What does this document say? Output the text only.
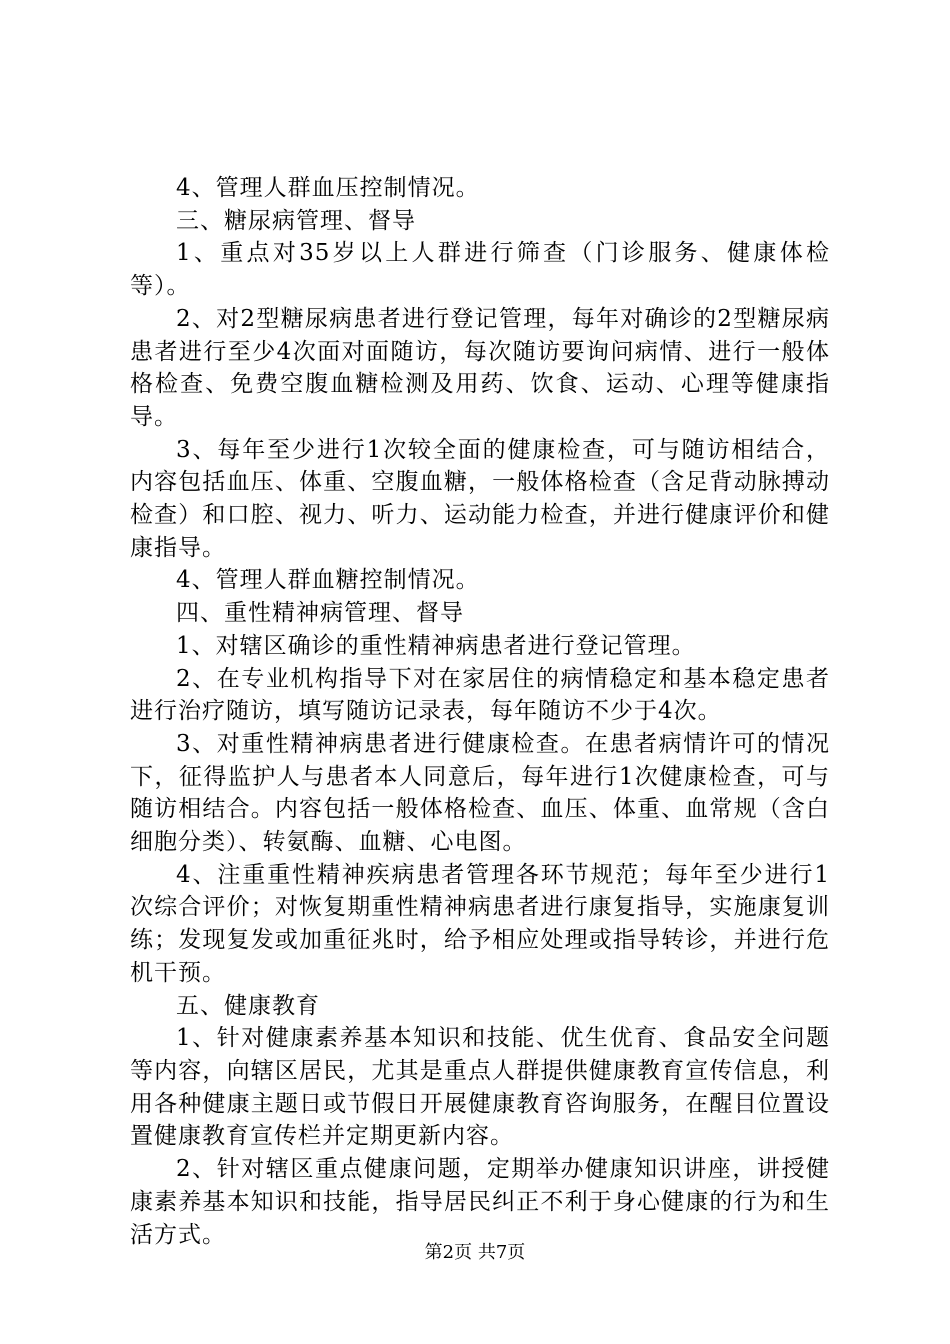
4、管理人群血压控制情况。

三、糖尿病管理、督导

1、重点对35岁以上人群进行筛查（门诊服务、健康体检等）。

2、对2型糖尿病患者进行登记管理，每年对确诊的2型糖尿病患者进行至少4次面对面随访，每次随访要询问病情、进行一般体格检查、免费空腹血糖检测及用药、饮食、运动、心理等健康指导。

3、每年至少进行1次较全面的健康检查，可与随访相结合，内容包括血压、体重、空腹血糖，一般体格检查（含足背动脉搏动检查）和口腔、视力、听力、运动能力检查，并进行健康评价和健康指导。

4、管理人群血糖控制情况。

四、重性精神病管理、督导

1、对辖区确诊的重性精神病患者进行登记管理。

2、在专业机构指导下对在家居住的病情稳定和基本稳定患者进行治疗随访，填写随访记录表，每年随访不少于4次。

3、对重性精神病患者进行健康检查。在患者病情许可的情况下，征得监护人与患者本人同意后，每年进行1次健康检查，可与随访相结合。内容包括一般体格检查、血压、体重、血常规（含白细胞分类）、转氨酶、血糖、心电图。

4、注重重性精神疾病患者管理各环节规范；每年至少进行1次综合评价；对恢复期重性精神病患者进行康复指导，实施康复训练；发现复发或加重征兆时，给予相应处理或指导转诊，并进行危机干预。

五、健康教育

1、针对健康素养基本知识和技能、优生优育、食品安全问题等内容，向辖区居民，尤其是重点人群提供健康教育宣传信息，利用各种健康主题日或节假日开展健康教育咨询服务，在醒目位置设置健康教育宣传栏并定期更新内容。

2、针对辖区重点健康问题，定期举办健康知识讲座，讲授健康素养基本知识和技能，指导居民纠正不利于身心健康的行为和生活方式。

第2页 共7页
